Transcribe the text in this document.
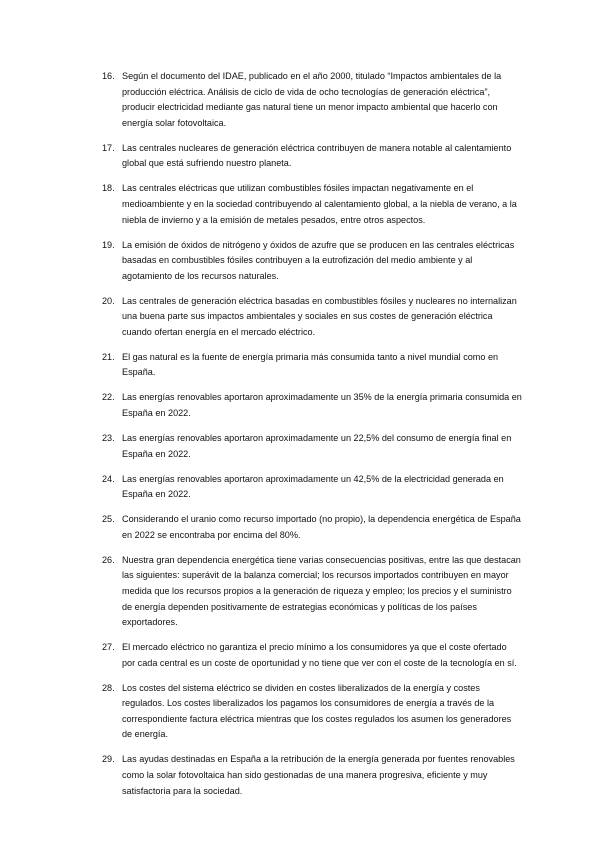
16. Según el documento del IDAE, publicado en el año 2000, titulado “Impactos ambientales de la producción eléctrica. Análisis de ciclo de vida de ocho tecnologías de generación eléctrica”, producir electricidad mediante gas natural tiene un menor impacto ambiental que hacerlo con energía solar fotovoltaica.
17. Las centrales nucleares de generación eléctrica contribuyen de manera notable al calentamiento global que está sufriendo nuestro planeta.
18. Las centrales eléctricas que utilizan combustibles fósiles impactan negativamente en el medioambiente y en la sociedad contribuyendo al calentamiento global, a la niebla de verano, a la niebla de invierno y a la emisión de metales pesados, entre otros aspectos.
19. La emisión de óxidos de nitrógeno y óxidos de azufre que se producen en las centrales eléctricas basadas en combustibles fósiles contribuyen a la eutrofización del medio ambiente y al agotamiento de los recursos naturales.
20. Las centrales de generación eléctrica basadas en combustibles fósiles y nucleares no internalizan una buena parte sus impactos ambientales y sociales en sus costes de generación eléctrica cuando ofertan energía en el mercado eléctrico.
21. El gas natural es la fuente de energía primaria más consumida tanto a nivel mundial como en España.
22. Las energías renovables aportaron aproximadamente un 35% de la energía primaria consumida en España en 2022.
23. Las energías renovables aportaron aproximadamente un 22,5% del consumo de energía final en España en 2022.
24. Las energías renovables aportaron aproximadamente un 42,5% de la electricidad generada en España en 2022.
25. Considerando el uranio como recurso importado (no propio), la dependencia energética de España en 2022 se encontraba por encima del 80%.
26. Nuestra gran dependencia energética tiene varias consecuencias positivas, entre las que destacan las siguientes: superávit de la balanza comercial; los recursos importados contribuyen en mayor medida que los recursos propios a la generación de riqueza y empleo; los precios y el suministro de energía dependen positivamente de estrategias económicas y políticas de los países exportadores.
27. El mercado eléctrico no garantiza el precio mínimo a los consumidores ya que el coste ofertado por cada central es un coste de oportunidad y no tiene que ver con el coste de la tecnología en sí.
28. Los costes del sistema eléctrico se dividen en costes liberalizados de la energía y costes regulados. Los costes liberalizados los pagamos los consumidores de energía a través de la correspondiente factura eléctrica mientras que los costes regulados los asumen los generadores de energía.
29. Las ayudas destinadas en España a la retribución de la energía generada por fuentes renovables como la solar fotovoltaica han sido gestionadas de una manera progresiva, eficiente y muy satisfactoria para la sociedad.
